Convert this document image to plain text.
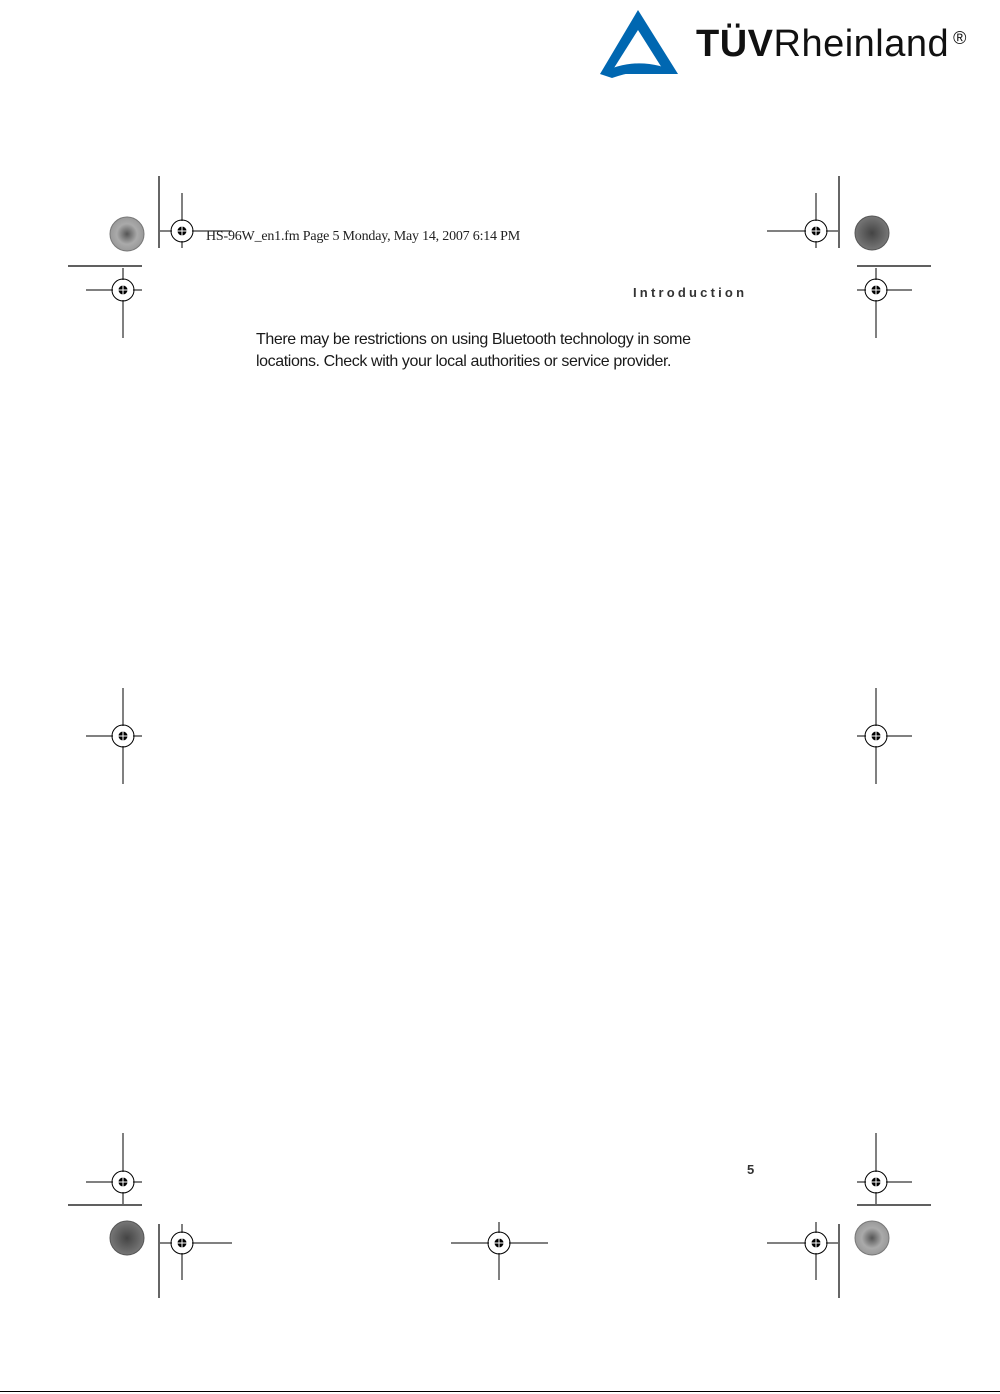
TÜVRheinland ®
HS-96W_en1.fm Page 5 Monday, May 14, 2007 6:14 PM
Introduction
There may be restrictions on using Bluetooth technology in some locations. Check with your local authorities or service provider.
5
